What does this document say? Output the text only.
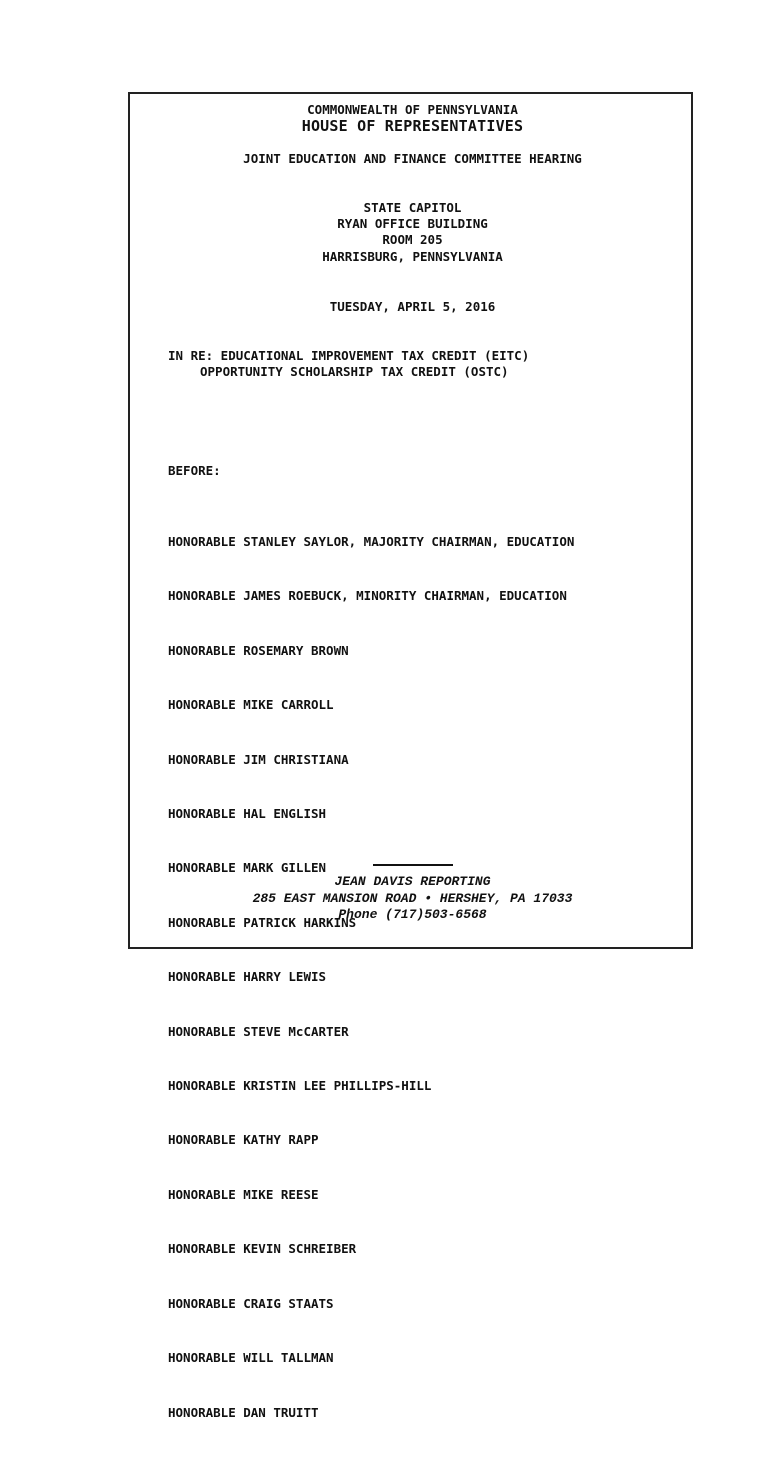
COMMONWEALTH OF PENNSYLVANIA
HOUSE OF REPRESENTATIVES
JOINT EDUCATION AND FINANCE COMMITTEE HEARING
STATE CAPITOL
RYAN OFFICE BUILDING
ROOM 205
HARRISBURG, PENNSYLVANIA
TUESDAY, APRIL 5, 2016
IN RE: EDUCATIONAL IMPROVEMENT TAX CREDIT (EITC)
OPPORTUNITY SCHOLARSHIP TAX CREDIT (OSTC)
BEFORE:

HONORABLE STANLEY SAYLOR, MAJORITY CHAIRMAN, EDUCATION

HONORABLE JAMES ROEBUCK, MINORITY CHAIRMAN, EDUCATION

HONORABLE ROSEMARY BROWN

HONORABLE MIKE CARROLL

HONORABLE JIM CHRISTIANA

HONORABLE HAL ENGLISH

HONORABLE MARK GILLEN

HONORABLE PATRICK HARKINS

HONORABLE HARRY LEWIS

HONORABLE STEVE McCARTER

HONORABLE KRISTIN LEE PHILLIPS-HILL

HONORABLE KATHY RAPP

HONORABLE MIKE REESE

HONORABLE KEVIN SCHREIBER

HONORABLE CRAIG STAATS

HONORABLE WILL TALLMAN

HONORABLE DAN TRUITT

JEAN DAVIS REPORTING
285 EAST MANSION ROAD • HERSHEY, PA 17033
Phone (717)503-6568
